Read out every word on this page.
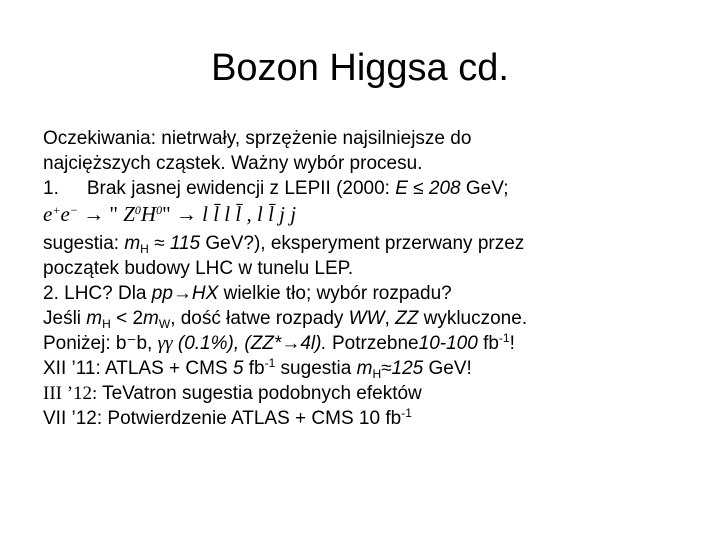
Bozon Higgsa cd.
Oczekiwania: nietrwały, sprzężenie najsilniejsze do
najcięższych cząstek. Ważny wybór procesu.
1. Brak jasnej ewidencji z LEPII (2000: E ≤ 208 GeV;
e+e− → " $Z^0H^0$" → l l̄ l l̄ , l l̄ j j
sugestia: $m_H \approx 115$ GeV?), eksperyment przerwany przez
początek budowy LHC w tunelu LEP.
2. LHC? Dla pp→HX wielkie tło; wybór rozpadu?
Jeśli $m_H < 2m_W$, dość łatwe rozpady WW, ZZ wykluczone.
Poniżej: b⁻b, γγ (0.1%), (ZZ*→4l). Potrzebne10-100 $fb^{-1}$!
XII ’11: ATLAS + CMS 5 $fb^{-1}$ sugestia $m_H\approx 125$ GeV!
III ’12: TeVatron sugestia podobnych efektów
VII ’12: Potwierdzenie ATLAS + CMS 10 $fb^{-1}$
